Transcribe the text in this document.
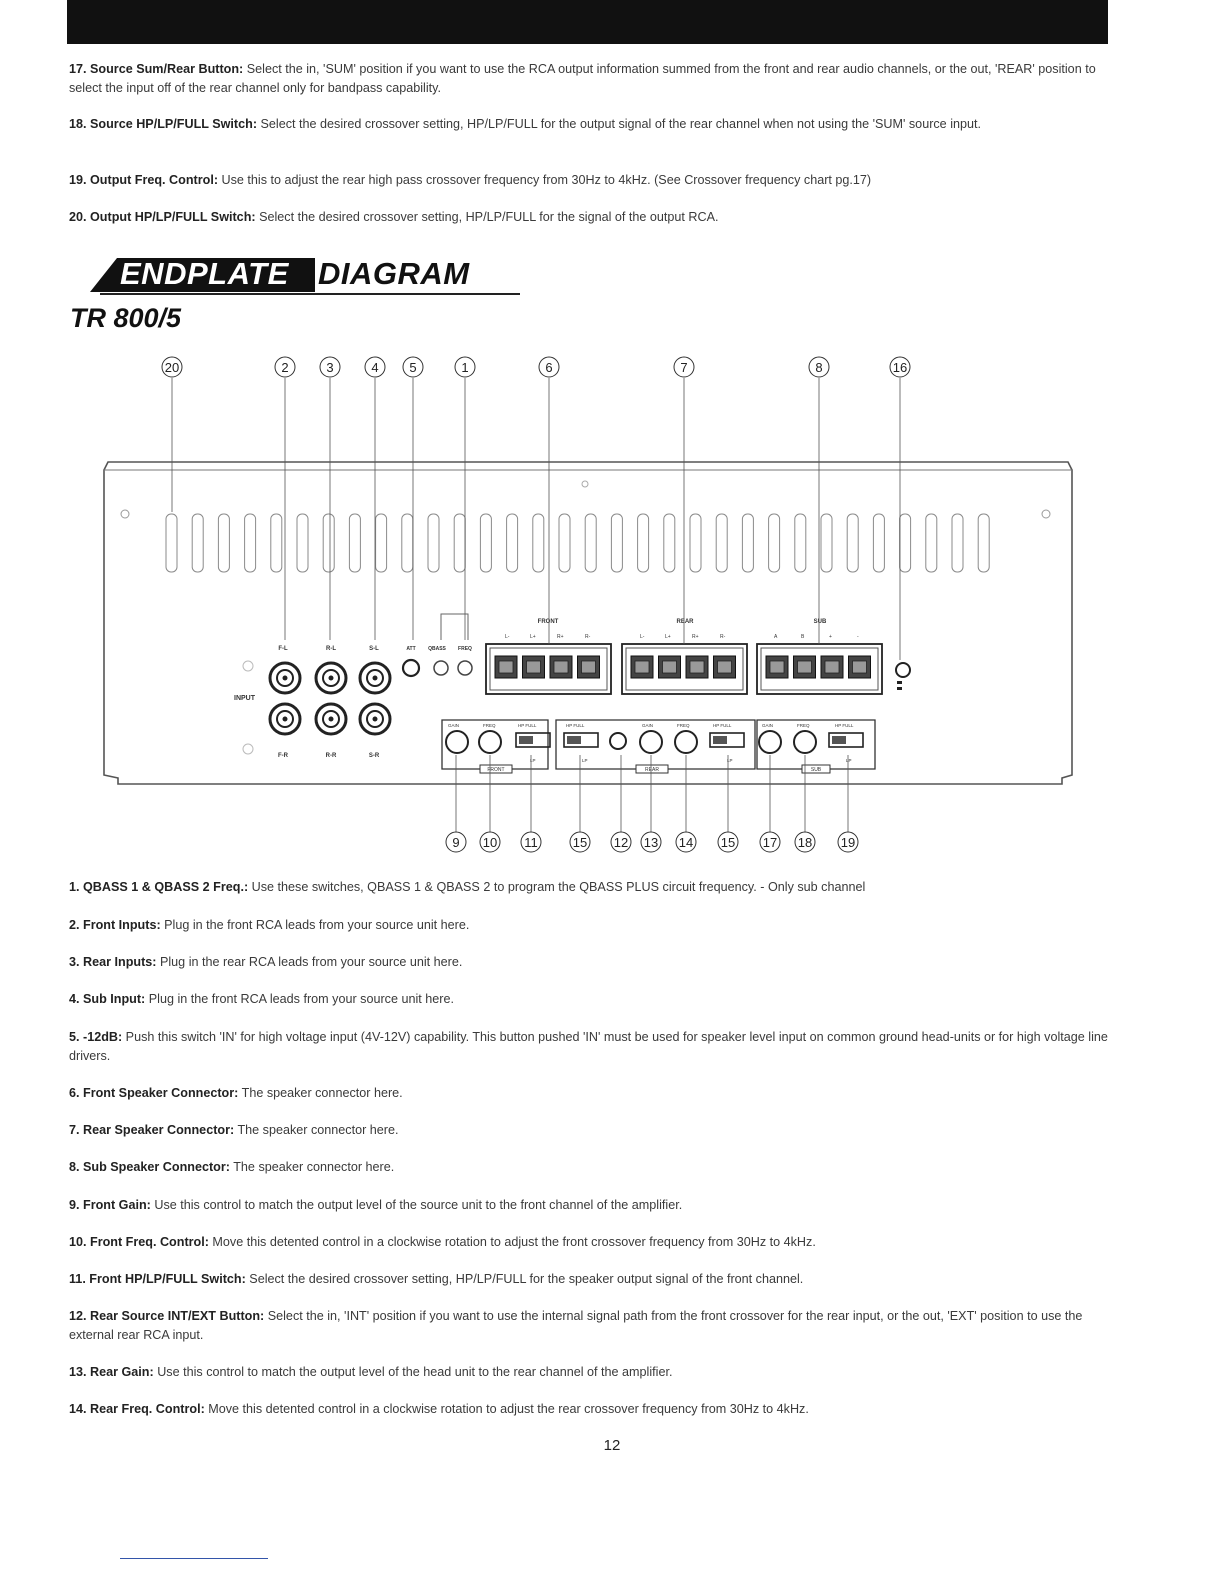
17. Source Sum/Rear Button: Select the in, 'SUM' position if you want to use the RCA output information summed from the front and rear audio channels, or the out, 'REAR' position to select the input off of the rear channel only for bandpass capability.
18. Source HP/LP/FULL Switch: Select the desired crossover setting, HP/LP/FULL for the output signal of the rear channel when not using the 'SUM' source input.
19. Output Freq. Control: Use this to adjust the rear high pass crossover frequency from 30Hz to 4kHz. (See Crossover frequency chart pg.17)
20. Output HP/LP/FULL Switch: Select the desired crossover setting, HP/LP/FULL for the signal of the output RCA.
ENDPLATE DIAGRAM
TR 800/5
INPUT
F-L	R-L	S-L
F-R	R-R	S-R
ATT QBASS FREQ
FRONT	REAR	SUB
L-	L+	R+	R-	L-	L+	R+	R-	A	B	+	-
GAIN	FREQ	HP FULL	HP FULL	GAIN	FREQ	HP FULL	GAIN	FREQ	HP FULL
LP	LP	LP	LP
FRONT	REAR	SUB
20	2	3	4 5	1	6	7	8	16
9 10 11	15 12 13 14 15 17 18 19
1. QBASS 1 & QBASS 2 Freq.: Use these switches, QBASS 1 & QBASS 2 to program the QBASS PLUS circuit frequency. - Only sub channel
2. Front Inputs: Plug in the front RCA leads from your source unit here.
3. Rear Inputs: Plug in the rear RCA leads from your source unit here.
4. Sub Input: Plug in the front RCA leads from your source unit here.
5. -12dB: Push this switch 'IN' for high voltage input (4V-12V) capability. This button pushed 'IN' must be used for speaker level input on common ground head-units or for high voltage line drivers.
6. Front Speaker Connector: The speaker connector here.
7. Rear Speaker Connector: The speaker connector here.
8. Sub Speaker Connector: The speaker connector here.
9. Front Gain: Use this control to match the output level of the source unit to the front channel of the amplifier.
10. Front Freq. Control: Move this detented control in a clockwise rotation to adjust the front crossover frequency from 30Hz to 4kHz.
11. Front HP/LP/FULL Switch: Select the desired crossover setting, HP/LP/FULL for the speaker output signal of the front channel.
12. Rear Source INT/EXT Button: Select the in, 'INT' position if you want to use the internal signal path from the front crossover for the rear input, or the out, 'EXT' position to use the external rear RCA input.
13. Rear Gain: Use this control to match the output level of the head unit to the rear channel of the amplifier.
14. Rear Freq. Control: Move this detented control in a clockwise rotation to adjust the rear crossover frequency from 30Hz to 4kHz.
12
